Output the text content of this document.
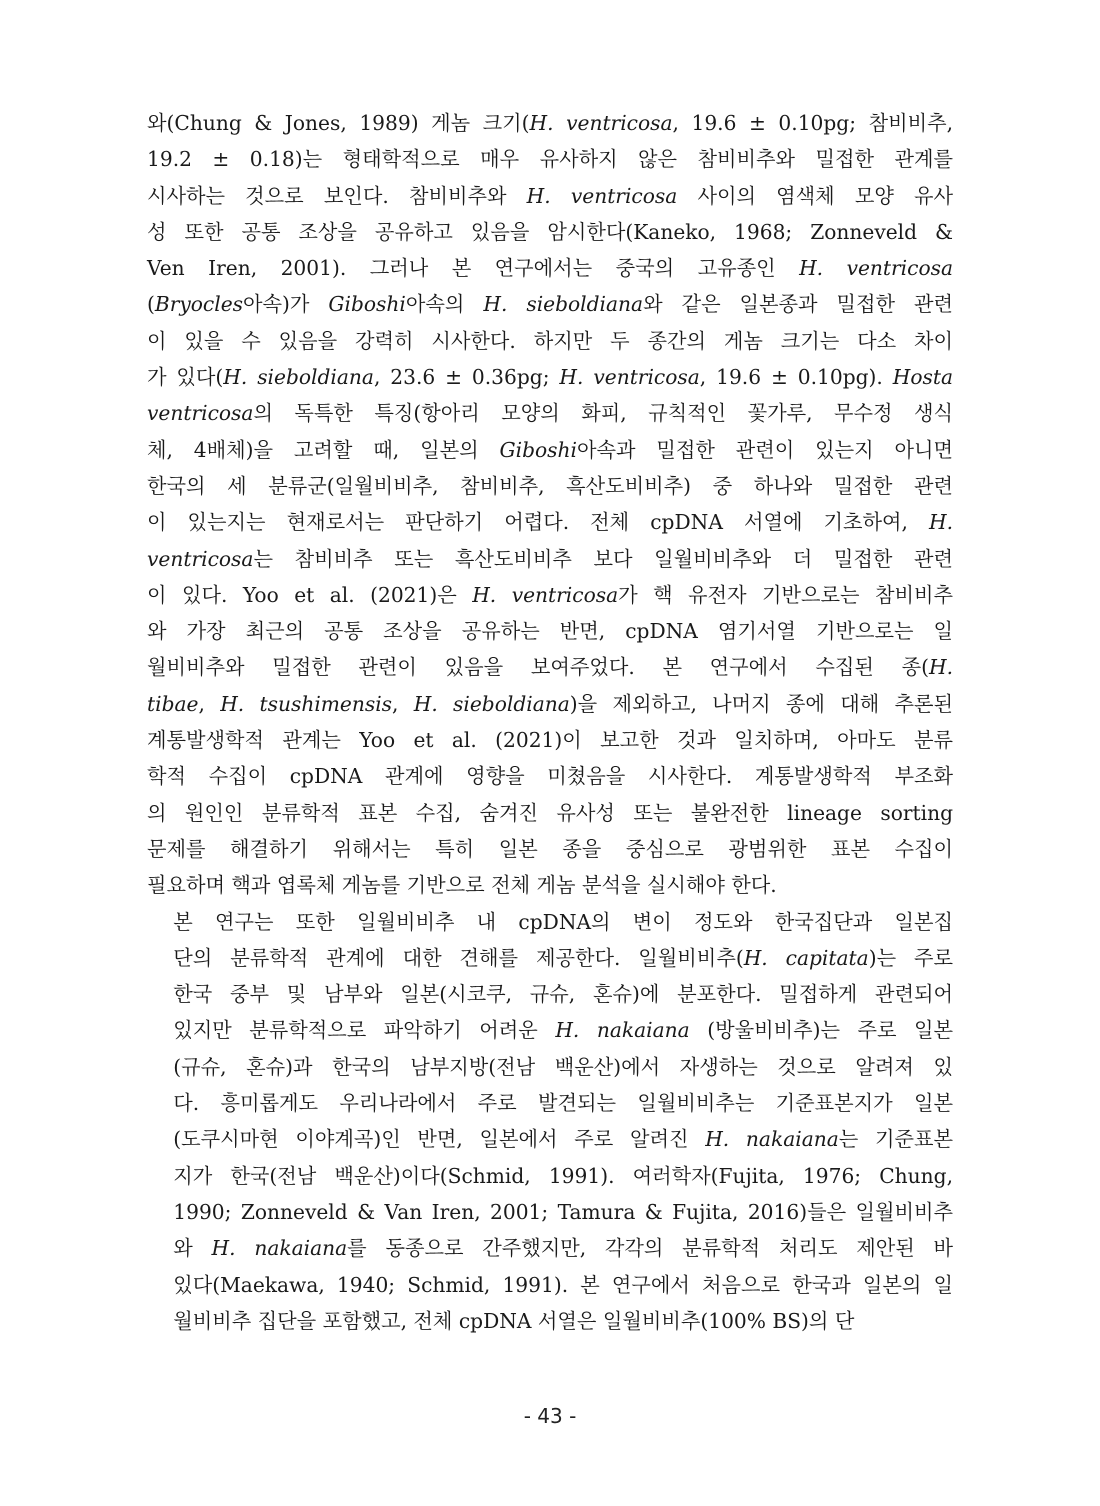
와(Chung & Jones, 1989) 게놈 크기(H. ventricosa, 19.6 ± 0.10pg; 참비비추,
19.2 ± 0.18)는 형태학적으로 매우 유사하지 않은 참비비추와 밀접한 관계를
시사하는 것으로 보인다. 참비비추와 H. ventricosa 사이의 염색체 모양 유사
성 또한 공통 조상을 공유하고 있음을 암시한다(Kaneko, 1968; Zonneveld &
Ven Iren, 2001). 그러나 본 연구에서는 중국의 고유종인 H. ventricosa
(Bryocles아속)가 Giboshi아속의 H. sieboldiana와 같은 일본종과 밀접한 관련
이 있을 수 있음을 강력히 시사한다. 하지만 두 종간의 게놈 크기는 다소 차이
가 있다(H. sieboldiana, 23.6 ± 0.36pg; H. ventricosa, 19.6 ± 0.10pg). Hosta
ventricosa의 독특한 특징(항아리 모양의 화피, 규칙적인 꽃가루, 무수정 생식
체, 4배체)을 고려할 때, 일본의 Giboshi아속과 밀접한 관련이 있는지 아니면
한국의 세 분류군(일월비비추, 참비비추, 흑산도비비추) 중 하나와 밀접한 관련
이 있는지는 현재로서는 판단하기 어렵다. 전체 cpDNA 서열에 기초하여, H.
ventricosa는 참비비추 또는 흑산도비비추 보다 일월비비추와 더 밀접한 관련
이 있다. Yoo et al. (2021)은 H. ventricosa가 핵 유전자 기반으로는 참비비추
와 가장 최근의 공통 조상을 공유하는 반면, cpDNA 염기서열 기반으로는 일
월비비추와 밀접한 관련이 있음을 보여주었다. 본 연구에서 수집된 종(H.
tibae, H. tsushimensis, H. sieboldiana)을 제외하고, 나머지 종에 대해 추론된
계통발생학적 관계는 Yoo et al. (2021)이 보고한 것과 일치하며, 아마도 분류
학적 수집이 cpDNA 관계에 영향을 미쳤음을 시사한다. 계통발생학적 부조화
의 원인인 분류학적 표본 수집, 숨겨진 유사성 또는 불완전한 lineage sorting
문제를 해결하기 위해서는 특히 일본 종을 중심으로 광범위한 표본 수집이
필요하며 핵과 엽록체 게놈를 기반으로 전체 게놈 분석을 실시해야 한다.

본 연구는 또한 일월비비추 내 cpDNA의 변이 정도와 한국집단과 일본집
단의 분류학적 관계에 대한 견해를 제공한다. 일월비비추(H. capitata)는 주로
한국 중부 및 남부와 일본(시코쿠, 규슈, 혼슈)에 분포한다. 밀접하게 관련되어
있지만 분류학적으로 파악하기 어려운 H. nakaiana (방울비비추)는 주로 일본
(규슈, 혼슈)과 한국의 남부지방(전남 백운산)에서 자생하는 것으로 알려져 있
다. 흥미롭게도 우리나라에서 주로 발견되는 일월비비추는 기준표본지가 일본
(도쿠시마현 이야계곡)인 반면, 일본에서 주로 알려진 H. nakaiana는 기준표본
지가 한국(전남 백운산)이다(Schmid, 1991). 여러학자(Fujita, 1976; Chung,
1990; Zonneveld & Van Iren, 2001; Tamura & Fujita, 2016)들은 일월비비추
와 H. nakaiana를 동종으로 간주했지만, 각각의 분류학적 처리도 제안된 바
있다(Maekawa, 1940; Schmid, 1991). 본 연구에서 처음으로 한국과 일본의 일
월비비추 집단을 포함했고, 전체 cpDNA 서열은 일월비비추(100% BS)의 단

- 43 -
